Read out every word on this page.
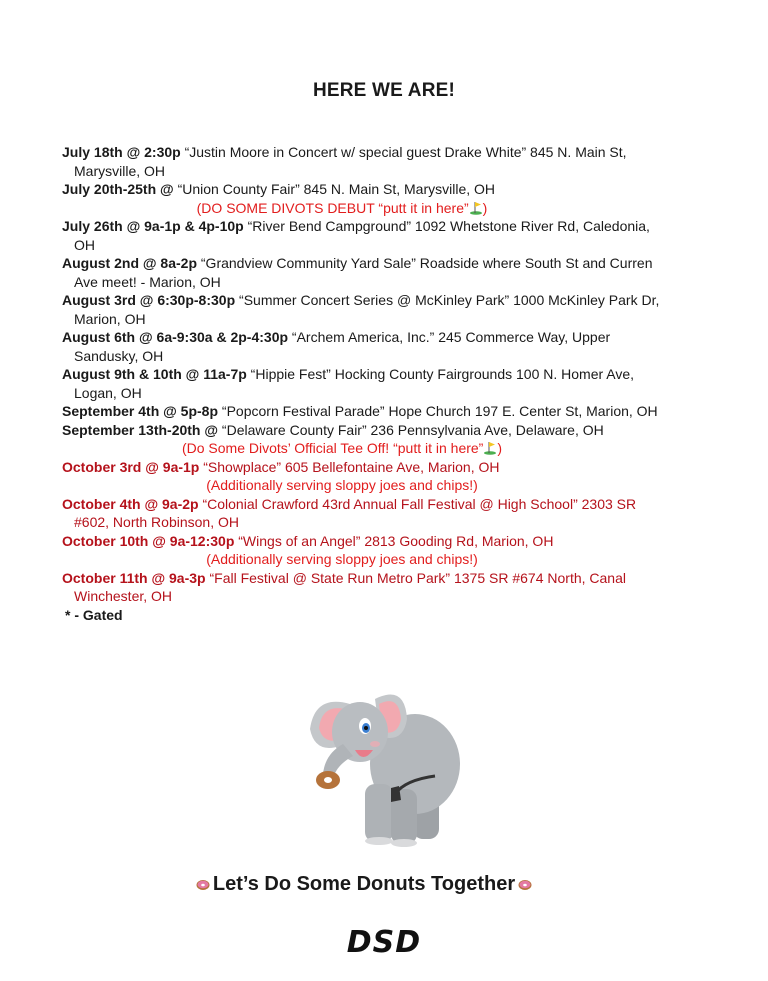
HERE WE ARE!
July 18th @ 2:30p “Justin Moore in Concert w/ special guest Drake White” 845 N. Main St, Marysville, OH
July 20th-25th @ “Union County Fair” 845 N. Main St, Marysville, OH
(DO SOME DIVOTS DEBUT “putt it in here” )
July 26th @ 9a-1p & 4p-10p “River Bend Campground” 1092 Whetstone River Rd, Caledonia, OH
August 2nd @ 8a-2p “Grandview Community Yard Sale” Roadside where South St and Curren Ave meet! - Marion, OH
August 3rd @ 6:30p-8:30p “Summer Concert Series @ McKinley Park” 1000 McKinley Park Dr, Marion, OH
August 6th @ 6a-9:30a & 2p-4:30p “Archem America, Inc.” 245 Commerce Way, Upper Sandusky, OH
August 9th & 10th @ 11a-7p “Hippie Fest” Hocking County Fairgrounds 100 N. Homer Ave, Logan, OH
September 4th @ 5p-8p “Popcorn Festival Parade” Hope Church 197 E. Center St, Marion, OH
September 13th-20th @ “Delaware County Fair” 236 Pennsylvania Ave, Delaware, OH
(Do Some Divots’ Official Tee Off! “putt it in here” )
October 3rd @ 9a-1p “Showplace” 605 Bellefontaine Ave, Marion, OH
(Additionally serving sloppy joes and chips!)
October 4th @ 9a-2p “Colonial Crawford 43rd Annual Fall Festival @ High School” 2303 SR #602, North Robinson, OH
October 10th @ 9a-12:30p “Wings of an Angel” 2813 Gooding Rd, Marion, OH
(Additionally serving sloppy joes and chips!)
October 11th @ 9a-3p “Fall Festival @ State Run Metro Park” 1375 SR #674 North, Canal Winchester, OH
* - Gated
Let’s Do Some Donuts Together
DSD
